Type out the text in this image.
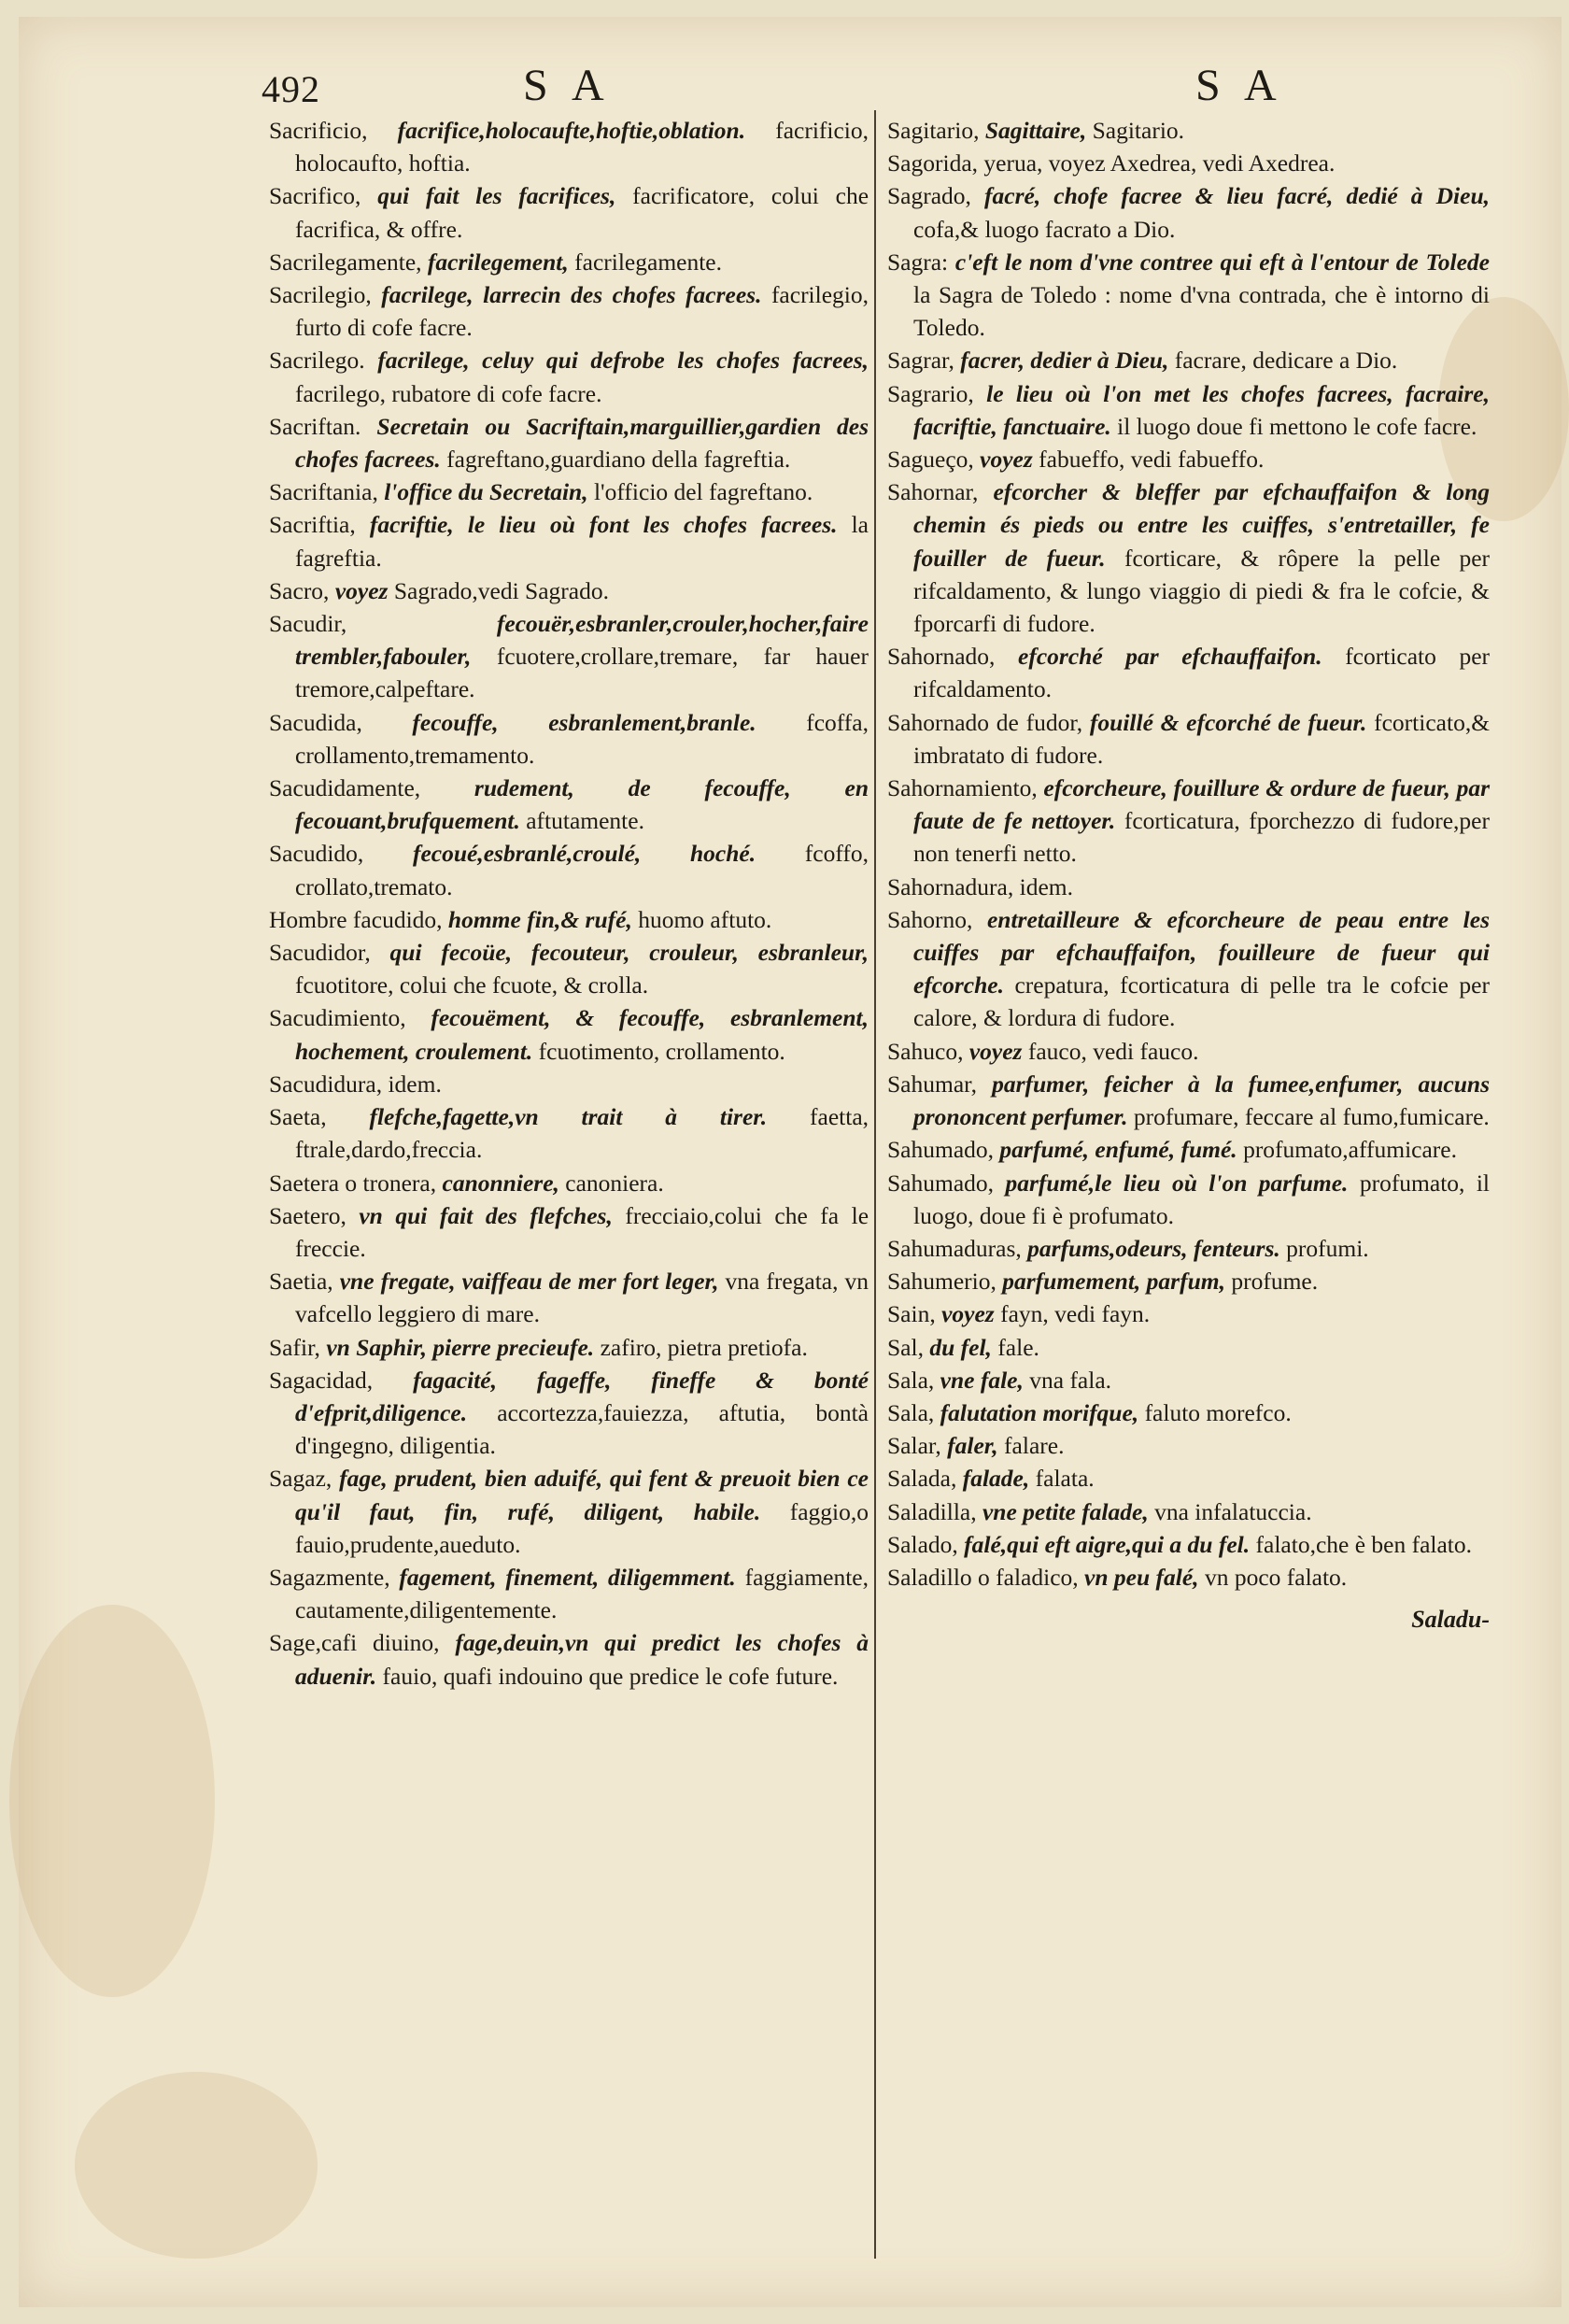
492	S A	S A

Sacrificio, facrifice,holocaufte,hoftie,oblation. facrificio, holocaufto, hoftia.

Sacrifico, qui fait les facrifices, facrificatore, colui che facrifica, & offre.

Sacrilegamente, facrilegement, facrilegamente.

Sacrilegio, facrilege, larrecin des chofes facrees. facrilegio, furto di cofe facre.

Sacrilego. facrilege, celuy qui defrobe les chofes facrees, facrilego, rubatore di cofe facre.

Sacriftan. Secretain ou Sacriftain,marguillier,gardien des chofes facrees. fagreftano,guardiano della fagreftia.

Sacriftania, l'office du Secretain, l'officio del fagreftano.

Sacriftia, facriftie, le lieu où font les chofes facrees. la fagreftia.

Sacro, voyez Sagrado,vedi Sagrado.

Sacudir,	fecouër,esbranler,crouler,hocher,faire trembler,fabouler, fcuotere,crollare,tremare, far hauer tremore,calpeftare.

Sacudida, fecouffe, esbranlement,branle. fcoffa, crollamento,tremamento.

Sacudidamente, rudement, de fecouffe, en fecouant,brufquement. aftutamente.

Sacudido, fecoué,esbranlé,croulé, hoché. fcoffo, crollato,tremato.

Hombre facudido, homme fin,& rufé, huomo aftuto.

Sacudidor, qui fecoüe, fecouteur, crouleur, esbranleur, fcuotitore, colui che fcuote, & crolla.

Sacudimiento, fecouëment, & fecouffe, esbranlement, hochement, croulement. fcuotimento, crollamento.

Sacudidura, idem.

Saeta, flefche,fagette,vn trait à tirer. faetta, ftrale,dardo,freccia.

Saetera o tronera, canonniere, canoniera.

Saetero, vn qui fait des flefches, frecciaio,colui che fa le freccie.

Saetia, vne fregate, vaiffeau de mer fort leger, vna fregata, vn vafcello leggiero di mare.

Safir, vn Saphir, pierre precieufe. zafiro, pietra pretiofa.

Sagacidad, fagacité, fageffe, fineffe & bonté d'efprit,diligence. accortezza,fauiezza, aftutia, bontà d'ingegno, diligentia.

Sagaz, fage, prudent, bien aduifé, qui fent & preuoit bien ce qu'il faut, fin, rufé, diligent, habile. faggio,o fauio,prudente,aueduto.

Sagazmente, fagement, finement, diligemment. faggiamente, cautamente,diligentemente.

Sage,cafi diuino, fage,deuin,vn qui predict les chofes à aduenir. fauio, quafi indouino que predice le cofe future.

Sagitario, Sagittaire, Sagitario.

Sagorida, yerua, voyez Axedrea, vedi Axedrea.

Sagrado, facré, chofe facree & lieu facré, dedié à Dieu, cofa,& luogo facrato a Dio.

Sagra: c'eft le nom d'vne contree qui eft à l'entour de Tolede la Sagra de Toledo : nome d'vna contrada, che è intorno di Toledo.

Sagrar, facrer, dedier à Dieu, facrare, dedicare a Dio.

Sagrario, le lieu où l'on met les chofes facrees, facraire, facriftie, fanctuaire. il luogo doue fi mettono le cofe facre.

Sagueço, voyez fabueffo, vedi fabueffo.

Sahornar, efcorcher & bleffer par efchauffaifon & long chemin és pieds ou entre les cuiffes, s'entretailler, fe fouiller de fueur. fcorticare, & rôpere la pelle per rifcaldamento, & lungo viaggio di piedi & fra le cofcie, & fporcarfi di fudore.

Sahornado, efcorché par efchauffaifon. fcorticato per rifcaldamento.

Sahornado de fudor, fouillé & efcorché de fueur. fcorticato,& imbratato di fudore.

Sahornamiento, efcorcheure, fouillure & ordure de fueur, par faute de fe nettoyer. fcorticatura, fporchezzo di fudore,per non tenerfi netto.

Sahornadura, idem.

Sahorno, entretailleure & efcorcheure de peau entre les cuiffes par efchauffaifon, fouilleure de fueur qui efcorche. crepatura, fcorticatura di pelle tra le cofcie per calore, & lordura di fudore.

Sahuco, voyez fauco, vedi fauco.

Sahumar, parfumer, feicher à la fumee,enfumer, aucuns prononcent perfumer. profumare, feccare al fumo,fumicare.

Sahumado, parfumé, enfumé, fumé. profumato,affumicare.

Sahumado, parfumé,le lieu où l'on parfume. profumato, il luogo, doue fi è profumato.

Sahumaduras, parfums,odeurs, fenteurs. profumi.

Sahumerio, parfumement, parfum, profume.

Sain, voyez fayn, vedi fayn.

Sal, du fel, fale.

Sala, vne fale, vna fala.

Sala, falutation morifque, faluto morefco.

Salar, faler, falare.

Salada, falade, falata.

Saladilla, vne petite falade, vna infalatuccia.

Salado, falé,qui eft aigre,qui a du fel. falato,che è ben falato.

Saladillo o faladico, vn peu falé, vn poco falato.

Saladu-
